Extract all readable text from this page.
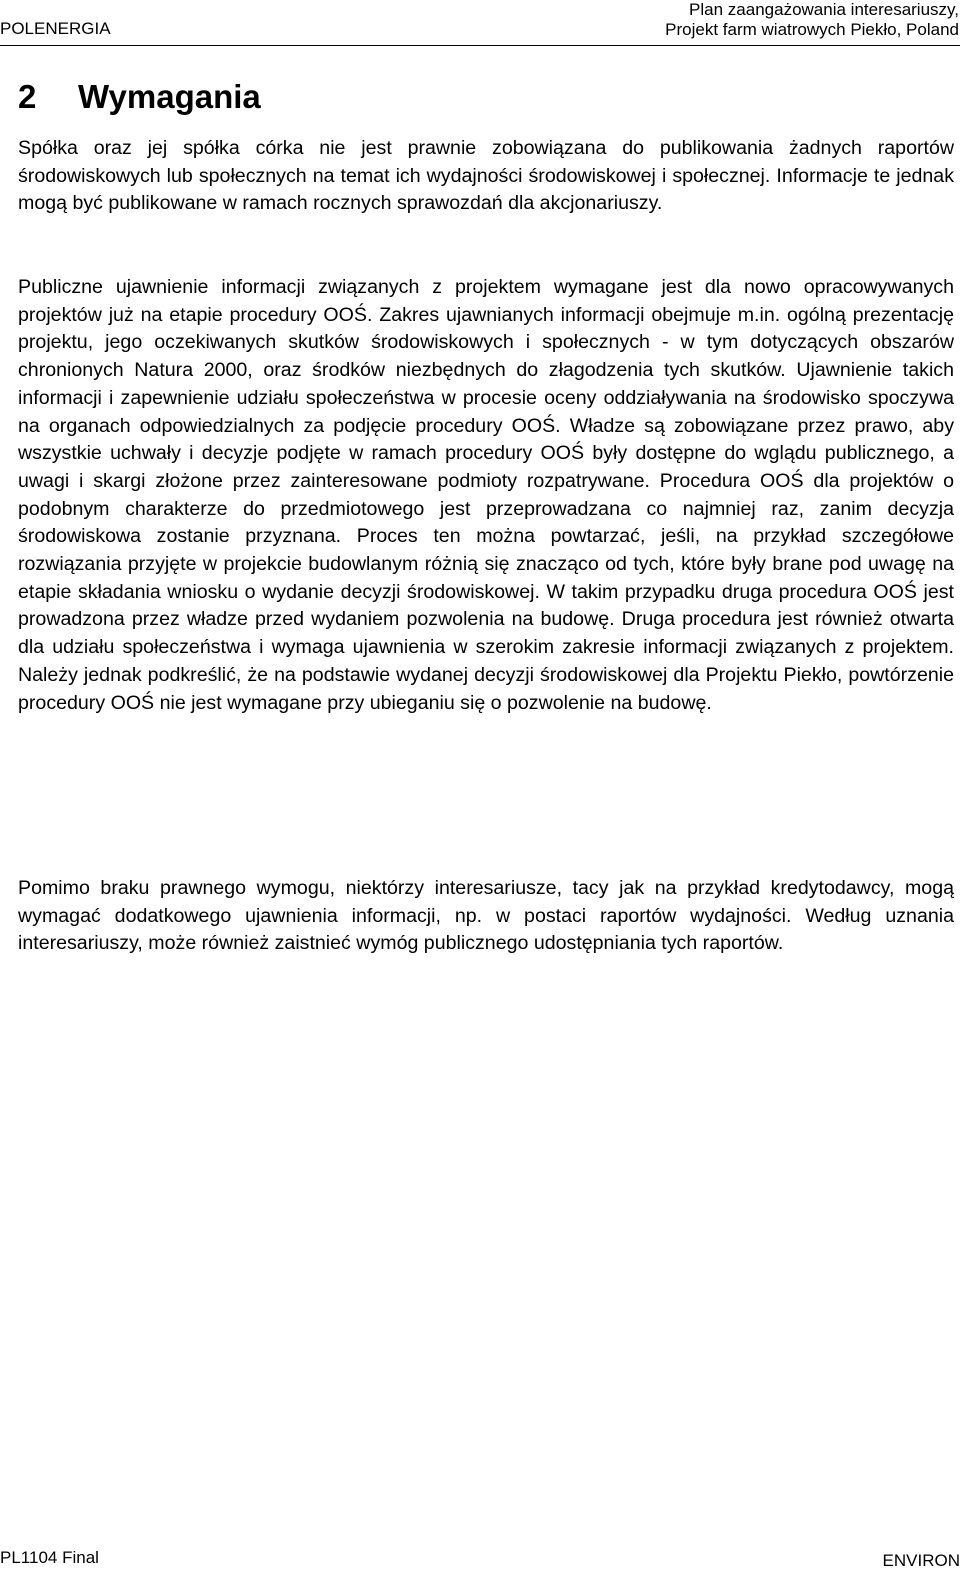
POLENERGIA
Plan zaangażowania interesariuszy,
Projekt farm wiatrowych Piekło, Poland
2 Wymagania

Spółka oraz jej spółka córka nie jest prawnie zobowiązana do publikowania żadnych raportów środowiskowych lub społecznych na temat ich wydajności środowiskowej i społecznej. Informacje te jednak mogą być publikowane w ramach rocznych sprawozdań dla akcjonariuszy.

Publiczne ujawnienie informacji związanych z projektem wymagane jest dla nowo opracowywanych projektów już na etapie procedury OOŚ. Zakres ujawnianych informacji obejmuje m.in. ogólną prezentację projektu, jego oczekiwanych skutków środowiskowych i społecznych - w tym dotyczących obszarów chronionych Natura 2000, oraz środków niezbędnych do złagodzenia tych skutków. Ujawnienie takich informacji i zapewnienie udziału społeczeństwa w procesie oceny oddziaływania na środowisko spoczywa na organach odpowiedzialnych za podjęcie procedury OOŚ. Władze są zobowiązane przez prawo, aby wszystkie uchwały i decyzje podjęte w ramach procedury OOŚ były dostępne do wglądu publicznego, a uwagi i skargi złożone przez zainteresowane podmioty rozpatrywane. Procedura OOŚ dla projektów o podobnym charakterze do przedmiotowego jest przeprowadzana co najmniej raz, zanim decyzja środowiskowa zostanie przyznana. Proces ten można powtarzać, jeśli, na przykład szczegółowe rozwiązania przyjęte w projekcie budowlanym różnią się znacząco od tych, które były brane pod uwagę na etapie składania wniosku o wydanie decyzji środowiskowej. W takim przypadku druga procedura OOŚ jest prowadzona przez władze przed wydaniem pozwolenia na budowę. Druga procedura jest również otwarta dla udziału społeczeństwa i wymaga ujawnienia w szerokim zakresie informacji związanych z projektem. Należy jednak podkreślić, że na podstawie wydanej decyzji środowiskowej dla Projektu Piekło, powtórzenie procedury OOŚ nie jest wymagane przy ubieganiu się o pozwolenie na budowę.

Pomimo braku prawnego wymogu, niektórzy interesariusze, tacy jak na przykład kredytodawcy, mogą wymagać dodatkowego ujawnienia informacji, np. w postaci raportów wydajności. Według uznania interesariuszy, może również zaistnieć wymóg publicznego udostępniania tych raportów.

PL1104 Final	ENVIRON
